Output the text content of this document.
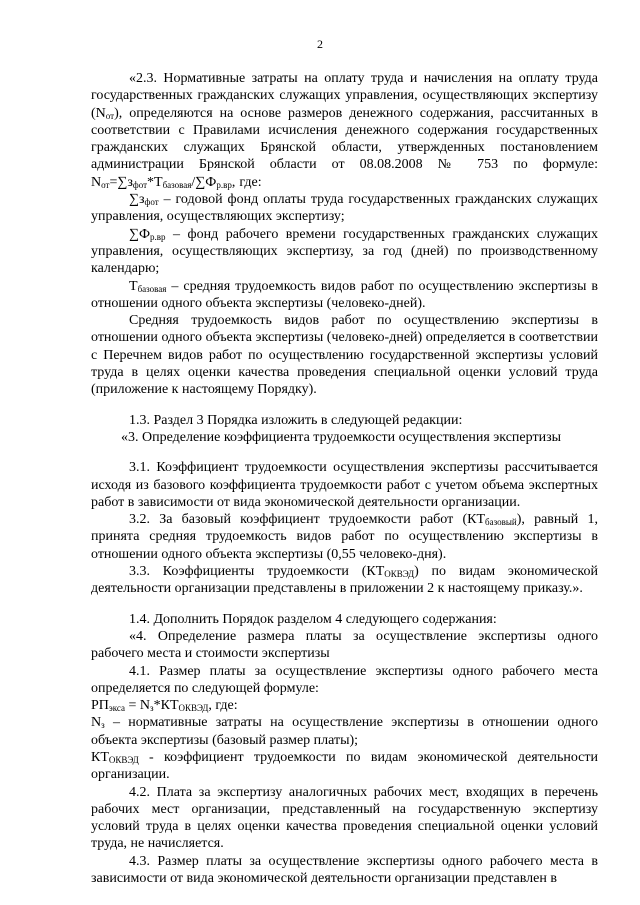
2

«2.3. Нормативные затраты на оплату труда и начисления на оплату труда государственных гражданских служащих управления, осуществляющих экспертизу $(N_{от})$, определяются на основе размеров денежного содержания, рассчитанных в соответствии с Правилами исчисления денежного содержания государственных гражданских служащих Брянской области, утвержденных постановлением администрации Брянской области от 08.08.2008 № 753 по формуле: $N_{от}=\sum з_{фот}*Т_{базовая}/\sum Ф_{р.вр}$, где:

$\sum з_{фот}$ – годовой фонд оплаты труда государственных гражданских служащих управления, осуществляющих экспертизу;

$\sum Ф_{р.вр}$ – фонд рабочего времени государственных гражданских служащих управления, осуществляющих экспертизу, за год (дней) по производственному календарю;

$Т_{базовая}$ – средняя трудоемкость видов работ по осуществлению экспертизы в отношении одного объекта экспертизы (человеко-дней).

Средняя трудоемкость видов работ по осуществлению экспертизы в отношении одного объекта экспертизы (человеко-дней) определяется в соответствии с Перечнем видов работ по осуществлению государственной экспертизы условий труда в целях оценки качества проведения специальной оценки условий труда (приложение к настоящему Порядку).

1.3. Раздел 3 Порядка изложить в следующей редакции:

«3. Определение коэффициента трудоемкости осуществления экспертизы

3.1. Коэффициент трудоемкости осуществления экспертизы рассчитывается исходя из базового коэффициента трудоемкости работ с учетом объема экспертных работ в зависимости от вида экономической деятельности организации.

3.2. За базовый коэффициент трудоемкости работ $(КТ_{базовый})$, равный 1, принята средняя трудоемкость видов работ по осуществлению экспертизы в отношении одного объекта экспертизы (0,55 человеко-дня).

3.3. Коэффициенты трудоемкости $(КТ_{ОКВЭД})$ по видам экономической деятельности организации представлены в приложении 2 к настоящему приказу.».

1.4. Дополнить Порядок разделом 4 следующего содержания:

«4. Определение размера платы за осуществление экспертизы одного рабочего места и стоимости экспертизы

4.1. Размер платы за осуществление экспертизы одного рабочего места определяется по следующей формуле:

$РП_{экса} = N_з*КТ_{ОКВЭД}$, где:

$N_з$ – нормативные затраты на осуществление экспертизы в отношении одного объекта экспертизы (базовый размер платы);

$КТ_{ОКВЭД}$ - коэффициент трудоемкости по видам экономической деятельности организации.

4.2. Плата за экспертизу аналогичных рабочих мест, входящих в перечень рабочих мест организации, представленный на государственную экспертизу условий труда в целях оценки качества проведения специальной оценки условий труда, не начисляется.

4.3. Размер платы за осуществление экспертизы одного рабочего места в зависимости от вида экономической деятельности организации представлен в
